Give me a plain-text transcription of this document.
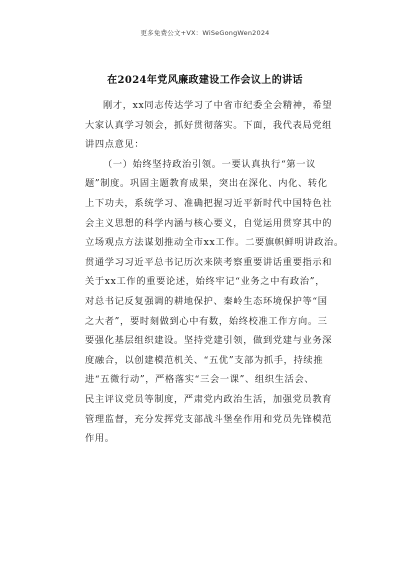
更多免费公文+VX：WiSeGongWen2024
在2024年党风廉政建设工作会议上的讲话
刚才，xx同志传达学习了中省市纪委全会精神，希望
大家认真学习领会，抓好贯彻落实。下面，我代表局党组
讲四点意见：
（一）始终坚持政治引领。一要认真执行“第一议
题”制度。巩固主题教育成果，突出在深化、内化、转化
上下功夫，系统学习、准确把握习近平新时代中国特色社
会主义思想的科学内涵与核心要义，自觉运用贯穿其中的
立场观点方法谋划推动全市xx工作。二要旗帜鲜明讲政治。
贯通学习习近平总书记历次来陕考察重要讲话重要指示和
关于xx工作的重要论述，始终牢记“业务之中有政治”，
对总书记反复强调的耕地保护、秦岭生态环境保护等“国
之大者”，要时刻做到心中有数，始终校准工作方向。三
要强化基层组织建设。坚持党建引领，做到党建与业务深
度融合，以创建模范机关、“五优”支部为抓手，持续推
进“五微行动”，严格落实“三会一课”、组织生活会、
民主评议党员等制度，严肃党内政治生活，加强党员教育
管理监督，充分发挥党支部战斗堡垒作用和党员先锋模范
作用。
